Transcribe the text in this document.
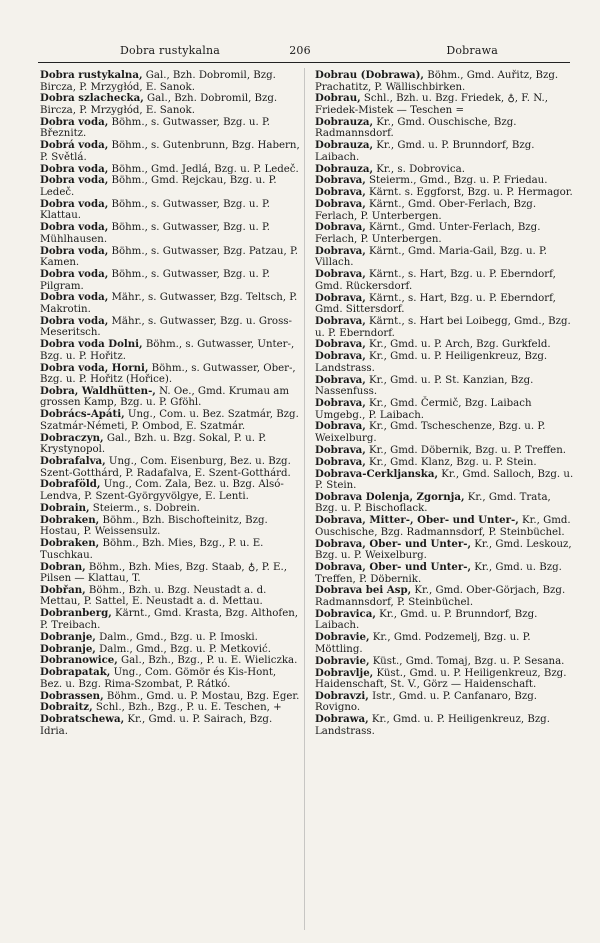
Dobra rustykalna	206	Dobrawa
Dobra rustykalna, Gal., Bzh. Dobromil, Bzg. Bircza, P. Mrzygłód, E. Sanok.
Dobra szlachecka, Gal., Bzh. Dobromil, Bzg. Bircza, P. Mrzygłód, E. Sanok.
Dobra voda, Böhm., s. Gutwasser, Bzg. u. P. Březnitz.
Dobrá voda, Böhm., s. Gutenbrunn, Bzg. Habern, P. Světlá.
Dobra voda, Böhm., Gmd. Jedlá, Bzg. u. P. Ledeč.
Dobra voda, Böhm., Gmd. Rejckau, Bzg. u. P. Ledeč.
Dobra voda, Böhm., s. Gutwasser, Bzg. u. P. Klattau.
Dobra voda, Böhm., s. Gutwasser, Bzg. u. P. Mühlhausen.
Dobra voda, Böhm., s. Gutwasser, Bzg. Patzau, P. Kamen.
Dobra voda, Böhm., s. Gutwasser, Bzg. u. P. Pilgram.
Dobra voda, Mähr., s. Gutwasser, Bzg. Teltsch, P. Makrotin.
Dobra voda, Mähr., s. Gutwasser, Bzg. u. Gross-Meseritsch.
Dobra voda Dolni, Böhm., s. Gutwasser, Unter-, Bzg. u. P. Hořitz.
Dobra voda, Horni, Böhm., s. Gutwasser, Ober-, Bzg. u. P. Hořitz (Hořice).
Dobra, Waldhütten-, N. Oe., Gmd. Krumau am grossen Kamp, Bzg. u. P. Gföhl.
Dobrács-Apáti, Ung., Com. u. Bez. Szatmár, Bzg. Szatmár-Németi, P. Ombod, E. Szatmár.
Dobraczyn, Gal., Bzh. u. Bzg. Sokal, P. u. P. Krystynopol.
Dobrafalva, Ung., Com. Eisenburg, Bez. u. Bzg. Szent-Gotthárd, P. Radafalva, E. Szent-Gotthárd.
Dobraföld, Ung., Com. Zala, Bez. u. Bzg. Alsó-Lendva, P. Szent-Györgyvölgye, E. Lenti.
Dobrain, Steierm., s. Dobrein.
Dobraken, Böhm., Bzh. Bischofteinitz, Bzg. Hostau, P. Weissensulz.
Dobraken, Böhm., Bzh. Mies, Bzg., P. u. E. Tuschkau.
Dobran, Böhm., Bzh. Mies, Bzg. Staab, ♁, P. E., Pilsen — Klattau, T.
Dobřan, Böhm., Bzh. u. Bzg. Neustadt a. d. Mettau, P. Sattel, E. Neustadt a. d. Mettau.
Dobranberg, Kärnt., Gmd. Krasta, Bzg. Althofen, P. Treibach.
Dobranje, Dalm., Gmd., Bzg. u. P. Imoski.
Dobranje, Dalm., Gmd., Bzg. u. P. Metković.
Dobranowice, Gal., Bzh., Bzg., P. u. E. Wieliczka.
Dobrapatak, Ung., Com. Gömör és Kis-Hont, Bez. u. Bzg. Rima-Szombat, P. Rátkó.
Dobrassen, Böhm., Gmd. u. P. Mostau, Bzg. Eger.
Dobraitz, Schl., Bzh., Bzg., P. u. E. Teschen, +
Dobratschewa, Kr., Gmd. u. P. Sairach, Bzg. Idria.
Dobrau (Dobrawa), Böhm., Gmd. Auřitz, Bzg. Prachatitz, P. Wällischbirken.
Dobrau, Schl., Bzh. u. Bzg. Friedek, ♁, F. N., Friedek-Mistek — Teschen =
Dobrauza, Kr., Gmd. Ouschische, Bzg. Radmannsdorf.
Dobrauza, Kr., Gmd. u. P. Brunndorf, Bzg. Laibach.
Dobrauza, Kr., s. Dobrovica.
Dobrava, Steierm., Gmd., Bzg. u. P. Friedau.
Dobrava, Kärnt. s. Eggforst, Bzg. u. P. Hermagor.
Dobrava, Kärnt., Gmd. Ober-Ferlach, Bzg. Ferlach, P. Unterbergen.
Dobrava, Kärnt., Gmd. Unter-Ferlach, Bzg. Ferlach, P. Unterbergen.
Dobrava, Kärnt., Gmd. Maria-Gail, Bzg. u. P. Villach.
Dobrava, Kärnt., s. Hart, Bzg. u. P. Eberndorf, Gmd. Rückersdorf.
Dobrava, Kärnt., s. Hart, Bzg. u. P. Eberndorf, Gmd. Sittersdorf.
Dobrava, Kärnt., s. Hart bei Loibegg, Gmd., Bzg. u. P. Eberndorf.
Dobrava, Kr., Gmd. u. P. Arch, Bzg. Gurkfeld.
Dobrava, Kr., Gmd. u. P. Heiligenkreuz, Bzg. Landstrass.
Dobrava, Kr., Gmd. u. P. St. Kanzian, Bzg. Nassenfuss.
Dobrava, Kr., Gmd. Čermič, Bzg. Laibach Umgebg., P. Laibach.
Dobrava, Kr., Gmd. Tscheschenze, Bzg. u. P. Weixelburg.
Dobrava, Kr., Gmd. Döbernik, Bzg. u. P. Treffen.
Dobrava, Kr., Gmd. Klanz, Bzg. u. P. Stein.
Dobrava-Cerkljanska, Kr., Gmd. Salloch, Bzg. u. P. Stein.
Dobrava Dolenja, Zgornja, Kr., Gmd. Trata, Bzg. u. P. Bischoflack.
Dobrava, Mitter-, Ober- und Unter-, Kr., Gmd. Ouschische, Bzg. Radmannsdorf, P. Steinbüchel.
Dobrava, Ober- und Unter-, Kr., Gmd. Leskouz, Bzg. u. P. Weixelburg.
Dobrava, Ober- und Unter-, Kr., Gmd. u. Bzg. Treffen, P. Döbernik.
Dobrava bei Asp, Kr., Gmd. Ober-Görjach, Bzg. Radmannsdorf, P. Steinbüchel.
Dobravica, Kr., Gmd. u. P. Brunndorf, Bzg. Laibach.
Dobravie, Kr., Gmd. Podzemelj, Bzg. u. P. Möttling.
Dobravie, Küst., Gmd. Tomaj, Bzg. u. P. Sesana.
Dobravlje, Küst., Gmd. u. P. Heiligenkreuz, Bzg. Haidenschaft, St. V., Görz — Haidenschaft.
Dobravzi, Istr., Gmd. u. P. Canfanaro, Bzg. Rovigno.
Dobrawa, Kr., Gmd. u. P. Heiligenkreuz, Bzg. Landstrass.
